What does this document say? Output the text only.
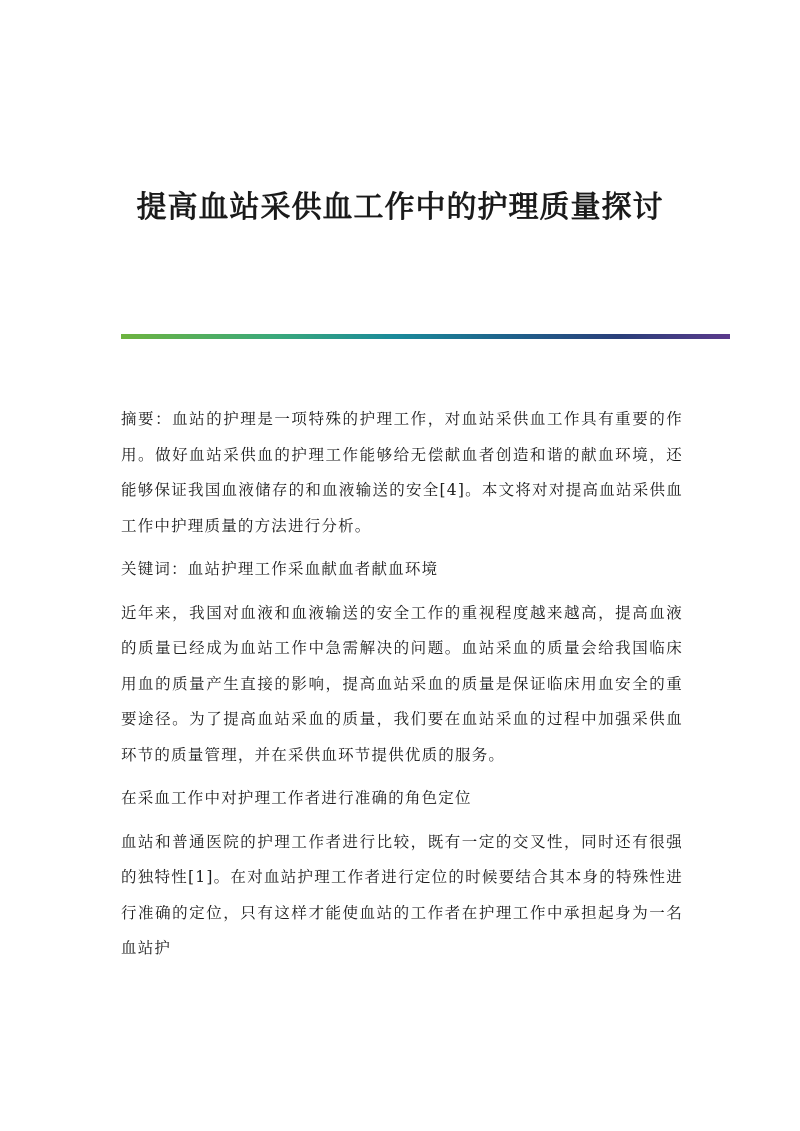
提高血站采供血工作中的护理质量探讨

摘要：血站的护理是一项特殊的护理工作，对血站采供血工作具有重要的作用。做好血站采供血的护理工作能够给无偿献血者创造和谐的献血环境，还能够保证我国血液储存的和血液输送的安全[4]。本文将对对提高血站采供血工作中护理质量的方法进行分析。

关键词：血站护理工作采血献血者献血环境

近年来，我国对血液和血液输送的安全工作的重视程度越来越高，提高血液的质量已经成为血站工作中急需解决的问题。血站采血的质量会给我国临床用血的质量产生直接的影响，提高血站采血的质量是保证临床用血安全的重要途径。为了提高血站采血的质量，我们要在血站采血的过程中加强采供血环节的质量管理，并在采供血环节提供优质的服务。

在采血工作中对护理工作者进行准确的角色定位

血站和普通医院的护理工作者进行比较，既有一定的交叉性，同时还有很强的独特性[1]。在对血站护理工作者进行定位的时候要结合其本身的特殊性进行准确的定位，只有这样才能使血站的工作者在护理工作中承担起身为一名血站护
